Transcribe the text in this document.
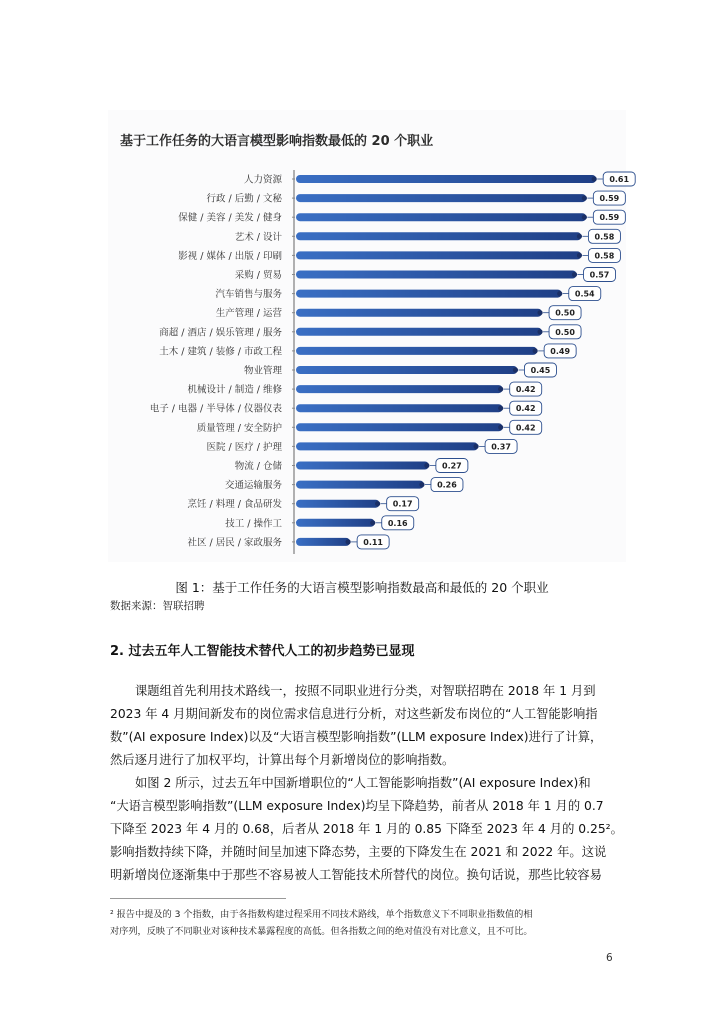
基于工作任务的大语言模型影响指数最低的 20 个职业
人力资源	0.61
行政 / 后勤 / 文秘	0.59
保健 / 美容 / 美发 / 健身	0.59
艺术 / 设计	0.58
影视 / 媒体 / 出版 / 印刷	0.58
采购 / 贸易	0.57
汽车销售与服务	0.54
生产管理 / 运营	0.50
商超 / 酒店 / 娱乐管理 / 服务	0.50
土木 / 建筑 / 装修 / 市政工程	0.49
物业管理	0.45
机械设计 / 制造 / 维修	0.42
电子 / 电器 / 半导体 / 仪器仪表	0.42
质量管理 / 安全防护	0.42
医院 / 医疗 / 护理	0.37
物流 / 仓储	0.27
交通运输服务	0.26
烹饪 / 料理 / 食品研发	0.17
技工 / 操作工	0.16
社区 / 居民 / 家政服务	0.11
图 1：基于工作任务的大语言模型影响指数最高和最低的 20 个职业
数据来源：智联招聘
2. 过去五年人工智能技术替代人工的初步趋势已显现
课题组首先利用技术路线一，按照不同职业进行分类，对智联招聘在 2018 年 1 月到
2023 年 4 月期间新发布的岗位需求信息进行分析，对这些新发布岗位的“人工智能影响指
数”(AI exposure Index)以及“大语言模型影响指数”(LLM exposure Index)进行了计算，
然后逐月进行了加权平均，计算出每个月新增岗位的影响指数。
如图 2 所示，过去五年中国新增职位的“人工智能影响指数”(AI exposure Index)和
“大语言模型影响指数”(LLM exposure Index)均呈下降趋势，前者从 2018 年 1 月的 0.7
下降至 2023 年 4 月的 0.68，后者从 2018 年 1 月的 0.85 下降至 2023 年 4 月的 0.25²。
影响指数持续下降，并随时间呈加速下降态势，主要的下降发生在 2021 和 2022 年。这说
明新增岗位逐渐集中于那些不容易被人工智能技术所替代的岗位。换句话说，那些比较容易
² 报告中提及的 3 个指数，由于各指数构建过程采用不同技术路线，单个指数意义下不同职业指数值的相
对序列，反映了不同职业对该种技术暴露程度的高低。但各指数之间的绝对值没有对比意义，且不可比。
6
